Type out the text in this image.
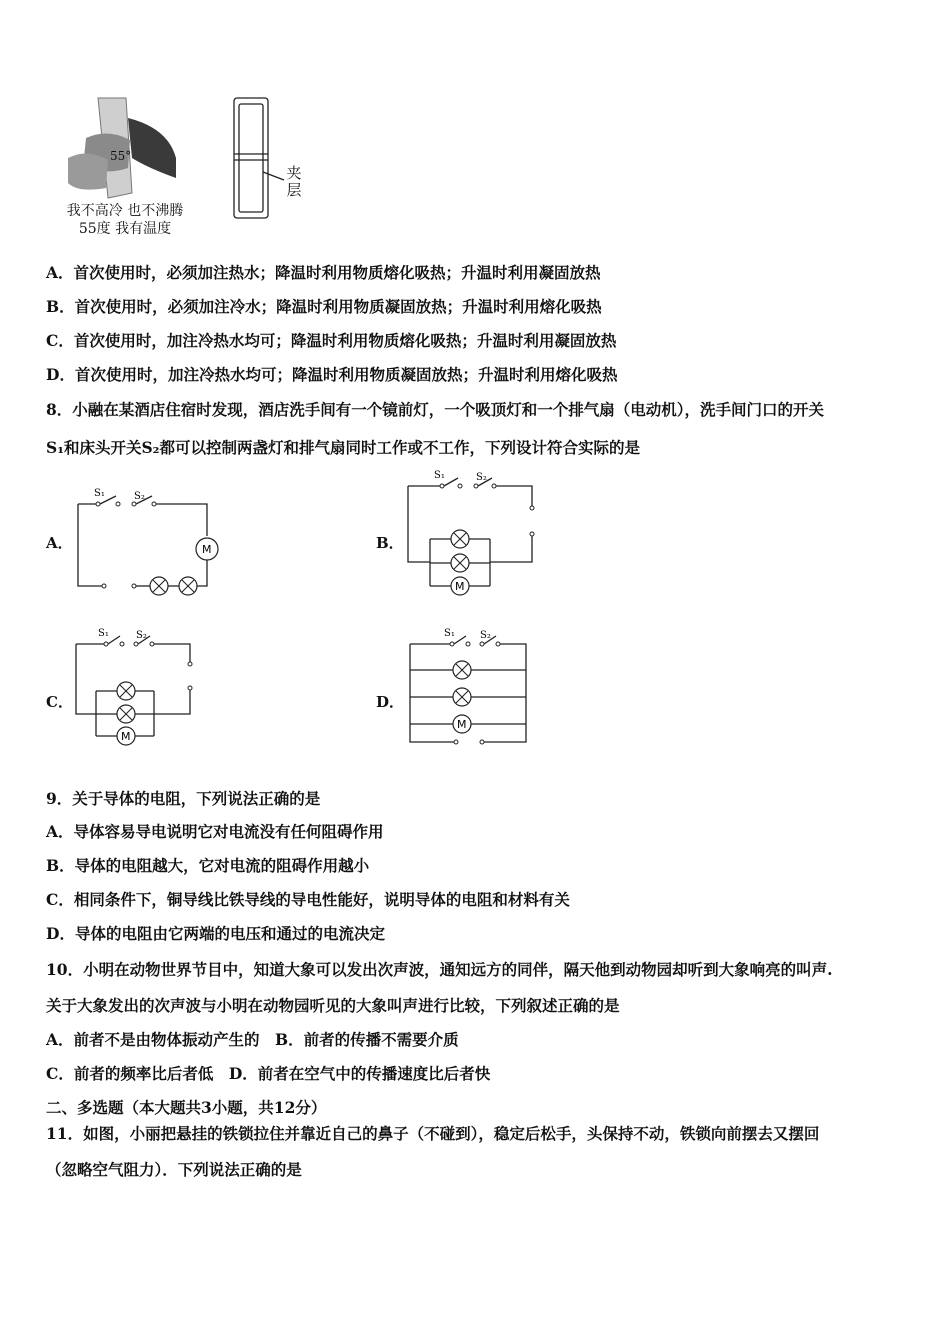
55°
我不高冷 也不沸腾
55度 我有温度
夹
层
A．首次使用时，必须加注热水；降温时利用物质熔化吸热；升温时利用凝固放热
B．首次使用时，必须加注冷水；降温时利用物质凝固放热；升温时利用熔化吸热
C．首次使用时，加注冷热水均可；降温时利用物质熔化吸热；升温时利用凝固放热
D．首次使用时，加注冷热水均可；降温时利用物质凝固放热；升温时利用熔化吸热
8．小融在某酒店住宿时发现，酒店洗手间有一个镜前灯，一个吸顶灯和一个排气扇（电动机），洗手间门口的开关
S₁和床头开关S₂都可以控制两盏灯和排气扇同时工作或不工作，下列设计符合实际的是
A．
S₁	S₂
M	B．
S₁	S₂
M
C．
S₁	S₂
M
D．
S₁	S₂
M
9．关于导体的电阻，下列说法正确的是
A．导体容易导电说明它对电流没有任何阻碍作用
B．导体的电阻越大，它对电流的阻碍作用越小
C．相同条件下，铜导线比铁导线的导电性能好，说明导体的电阻和材料有关
D．导体的电阻由它两端的电压和通过的电流决定
10．小明在动物世界节目中，知道大象可以发出次声波，通知远方的同伴，隔天他到动物园却听到大象响亮的叫声.
关于大象发出的次声波与小明在动物园听见的大象叫声进行比较，下列叙述正确的是
A．前者不是由物体振动产生的　B．前者的传播不需要介质
C．前者的频率比后者低　D．前者在空气中的传播速度比后者快
二、多选题（本大题共3小题，共12分）
11．如图，小丽把悬挂的铁锁拉住并靠近自己的鼻子（不碰到），稳定后松手，头保持不动，铁锁向前摆去又摆回
（忽略空气阻力）．下列说法正确的是
